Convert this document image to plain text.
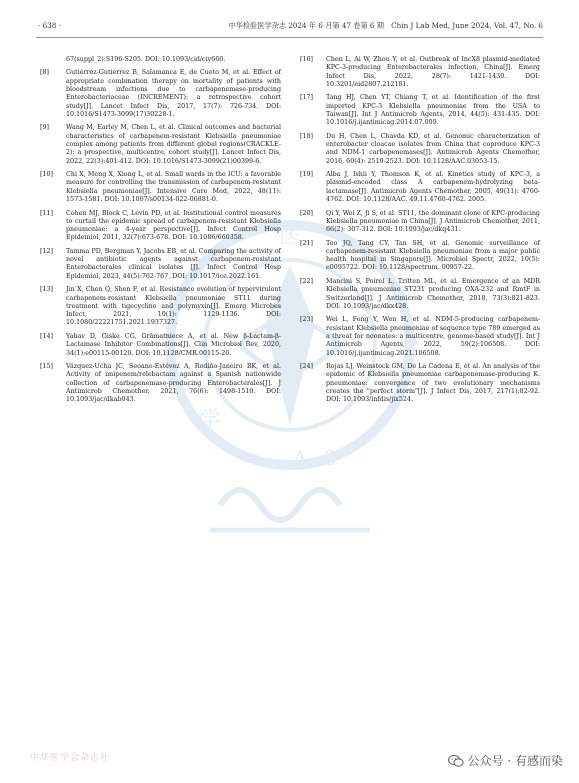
· 638 ·	中华检验医学杂志 2024 年 6 月第 47 卷第 6 期　Chin J Lab Med, June 2024, Vol. 47, No. 6
医
C
A
L
学
A S
67(suppl_2):S196-S205. DOI: 10.1093/cid/ciy660.
[8]	Gutiérrez-Gutiérrez B, Salamanca E, de Cueto M, et al. Effect of appropriate combination therapy on mortality of patients with bloodstream infections due to carbapenemase-producing Enterobacteriaceae (INCREMENT): a retrospective cohort study[J]. Lancet Infect Dis, 2017, 17(7): 726-734. DOI: 10.1016/S1473-3099(17)30228-1.
[9]	Wang M, Earley M, Chen L, et al. Clinical outcomes and bacterial characteristics of carbapenem-resistant Klebsiella pneumoniae complex among patients from different global regions(CRACKLE-2): a prospective, multicentre, cohort study[J]. Lancet Infect Dis, 2022, 22(3):401-412. DOI: 10.1016/S1473-3099(21)00399-6.
[10] Chi X, Meng X, Xiong L, et al. Small wards in the ICU: a favorable measure for controlling the transmission of carbapenem-resistant Klebsiella pneumoniae[J]. Intensive Care Med, 2022, 48(11): 1573-1581. DOI: 10.1007/s00134-022-06881-0.
[11] Cohen MJ, Block C, Levin PD, et al. Institutional control measures to curtail the epidemic spread of carbapenem-resistant Klebsiella pneumoniae: a 4-year perspective[J]. Infect Control Hosp Epidemiol, 2011, 32(7):673-678. DOI: 10.1086/660358.
[12] Tamma PD, Bergman Y, Jacobs EB, et al. Comparing the activity of novel antibiotic agents against carbapenem-resistant Enterobacterales clinical isolates [J]. Infect Control Hosp Epidemiol, 2023, 44(5):762-767. DOI: 10.1017/ice.2022.161.
[13] Jin X, Chen Q, Shen F, et al. Resistance evolution of hypervirulent carbapenem-resistant Klebsiella pneumoniae ST11 during treatment with tigecycline and polymyxin[J]. Emerg Microbes Infect, 2021, 10(1): 1129-1136. DOI: 10.1080/22221751.2021.1937327.
[14] Yahav D, Giske CG, Grāmatniece A, et al. New β-Lactam-β-Lactamase Inhibitor Combinations[J]. Clin Microbiol Rev, 2020, 34(1):e00115-00120. DOI: 10.1128/CMR.00115-20.
[15] Vázquez-Ucha JC, Seoane-Estévez A, Rodiño-Janeiro BK, et al. Activity of imipenem/relebactam against a Spanish nationwide collection of carbapenemase-producing Enterobacterales[J]. J Antimicrob Chemother, 2021, 76(6): 1498-1510. DOI: 10.1093/jac/dkab043.
[16] Chen L, Ai W, Zhou Y, et al. Outbreak of IncX8 plasmid-mediated KPC-3-producing Enterobacterales infection, China[J]. Emerg Infect Dis, 2022, 28(7): 1421-1430. DOI: 10.3201/eid2807.212181.
[17] Tang HJ, Chen YT, Chiang T, et al. Identification of the first imported KPC-3 Klebsiella pneumoniae from the USA to Taiwan[J]. Int J Antimicrob Agents, 2014, 44(5): 431-435. DOI: 10.1016/j.ijantimicag.2014.07.009.
[18] Du H, Chen L, Chavda KD, et al. Genomic characterization of enterobacter cloacae isolates from China that coproduce KPC-3 and NDM-1 carbapenemases[J]. Antimicrob Agents Chemother, 2016, 60(4): 2519-2523. DOI: 10.1128/AAC.03053-15.
[19] Alba J, Ishii Y, Thomson K, et al. Kinetics study of KPC-3, a plasmid-encoded class A carbapenem-hydrolyzing beta-lactamase[J]. Antimicrob Agents Chemother, 2005, 49(11): 4760-4762. DOI: 10.1128/AAC. 49.11.4760-4762. 2005.
[20] Qi Y, Wei Z, Ji S, et al. ST11, the dominant clone of KPC-producing Klebsiella pneumoniae in China[J]. J Antimicrob Chemother, 2011, 66(2): 307-312. DOI: 10.1093/jac/dkq431.
[21] Teo JQ, Tang CY, Tan SH, et al. Genomic surveillance of carbapenem-resistant Klebsiella pneumoniae from a major public health hospital in Singapore[J]. Microbiol Spectr, 2022, 10(5): e0095722. DOI: 10.1128/spectrum. 00957-22.
[22] Mancini S, Poirel L, Tritten ML, et al. Emergence of an MDR Klebsiella pneumoniae ST231 producing OXA-232 and RmtF in Switzerland[J]. J Antimicrob Chemother, 2018, 73(3):821-823. DOI: 10.1093/jac/dkx428.
[23] Wei L, Feng Y, Wen H, et al. NDM-5-producing carbapenem-resistant Klebsiella pneumoniae of sequence type 789 emerged as a threat for neonates: a multicentre, genome-based study[J]. Int J Antimicrob Agents, 2022, 59(2):106508. DOI: 10.1016/j.ijantimicag.2021.106508.
[24] Rojas LJ, Weinstock GM, De La Cadena E, et al. An analysis of the epidemic of Klebsiella pneumoniae carbapenemase-producing K. pneumoniae: convergence of two evolutionary mechanisms creates the "perfect storm"[J]. J Infect Dis, 2017, 217(1):82-92. DOI: 10.1093/infdis/jix524.
中华医学会杂志社	公众号 · 有感而染
